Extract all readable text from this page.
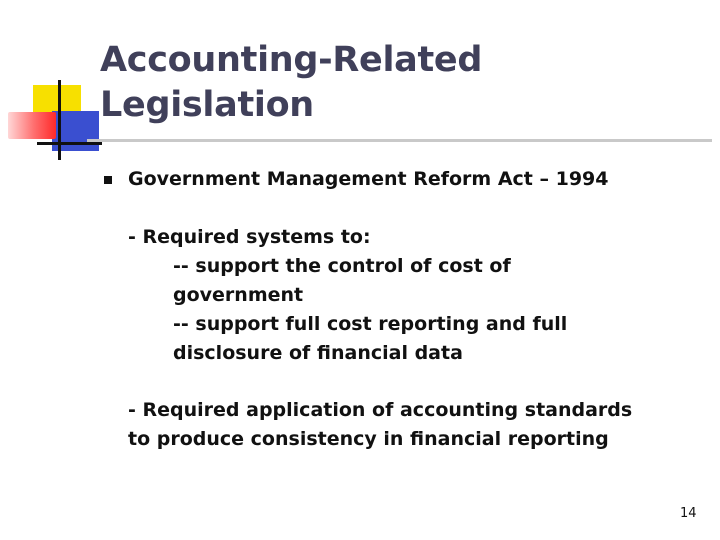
Accounting-Related
Legislation
Government Management Reform Act – 1994
- Required systems to:
-- support the control of cost of
government
-- support full cost reporting and full
disclosure of financial data
- Required application of accounting standards
to produce consistency in financial reporting
14
